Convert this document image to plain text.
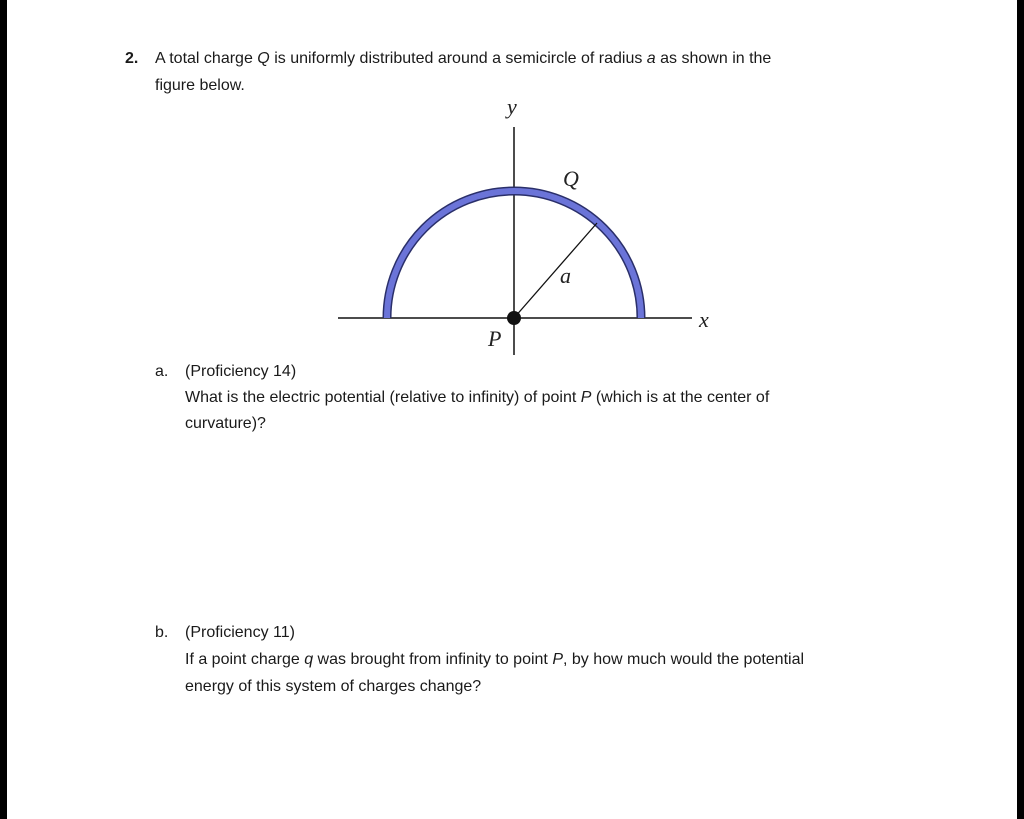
2. A total charge Q is uniformly distributed around a semicircle of radius a as shown in the
figure below.
y
x
Q
a
P
a. (Proficiency 14)
What is the electric potential (relative to infinity) of point P (which is at the center of
curvature)?
b. (Proficiency 11)
If a point charge q was brought from infinity to point P, by how much would the potential
energy of this system of charges change?
